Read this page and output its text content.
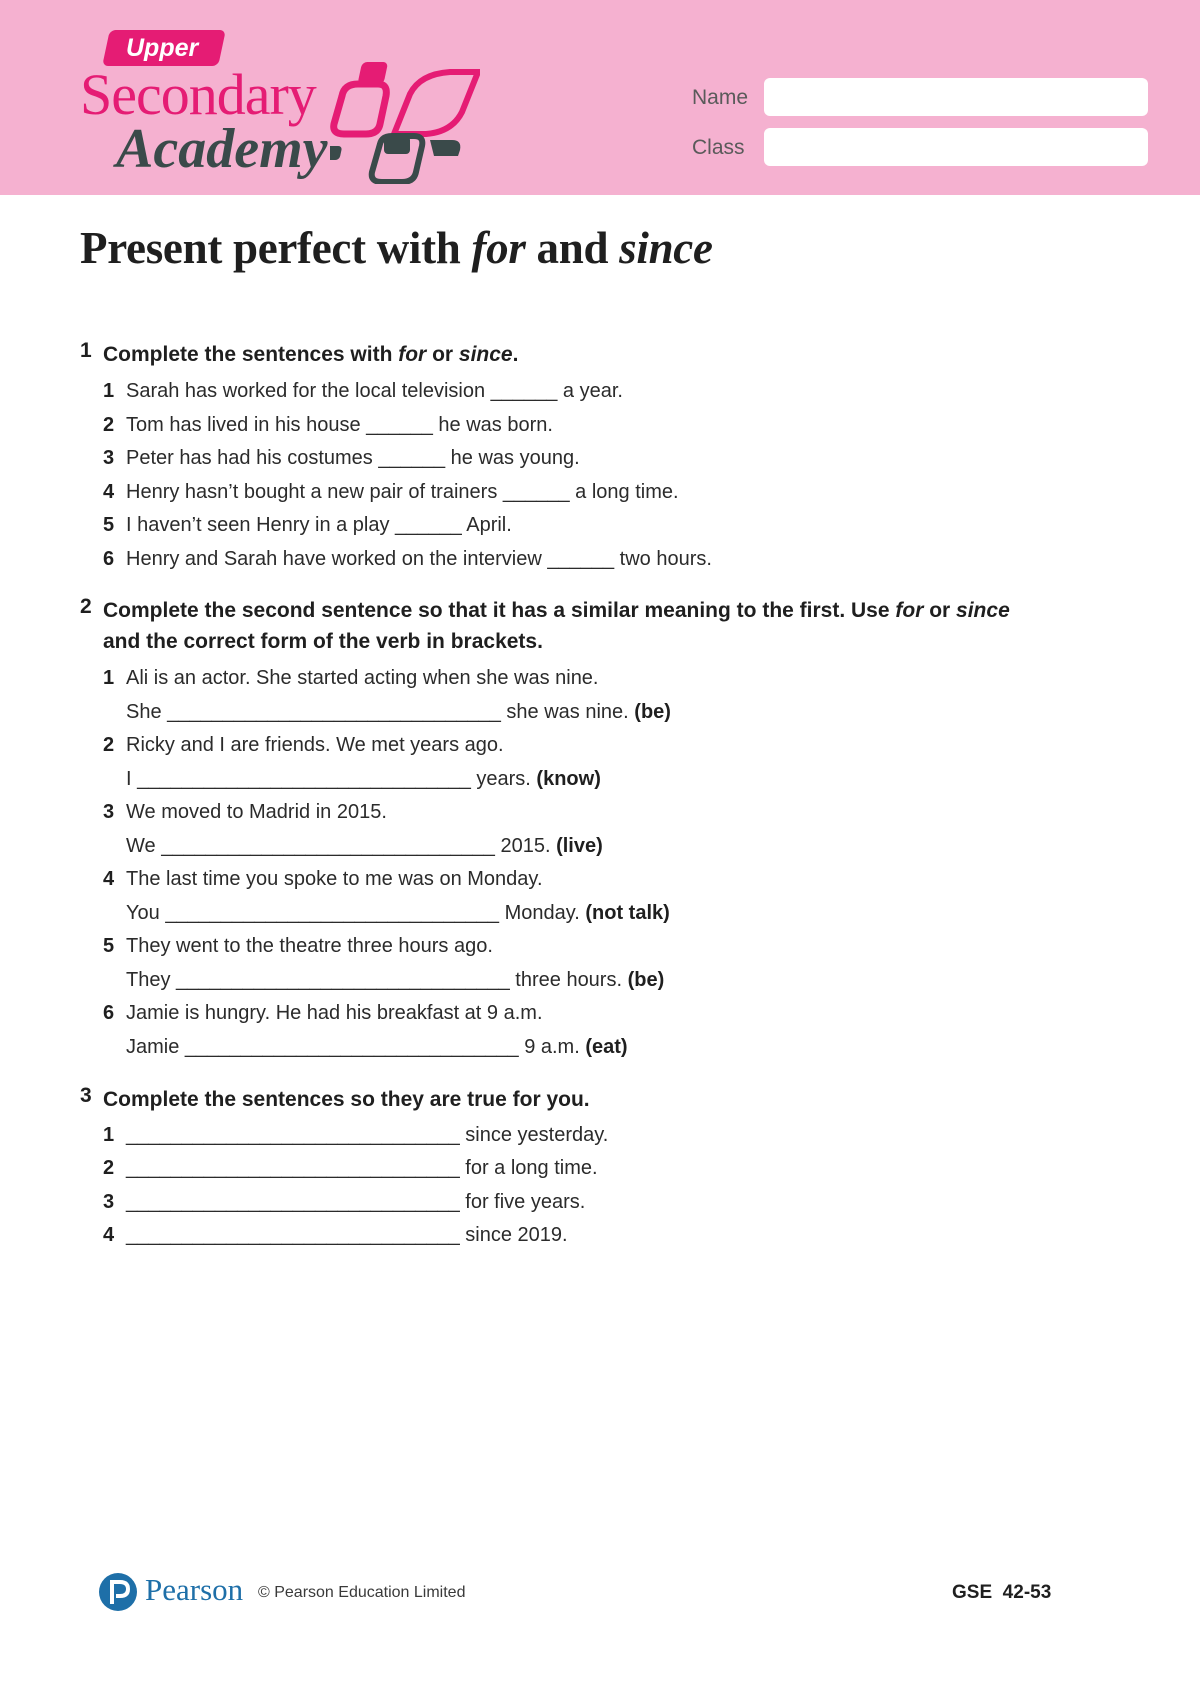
Upper
Secondary
Academy
Name
Class
Present perfect with for and since
1 Complete the sentences with for or since.
1 Sarah has worked for the local television ______ a year.
2 Tom has lived in his house ______ he was born.
3 Peter has had his costumes ______ he was young.
4 Henry hasn’t bought a new pair of trainers ______ a long time.
5 I haven’t seen Henry in a play ______ April.
6 Henry and Sarah have worked on the interview ______ two hours.
2 Complete the second sentence so that it has a similar meaning to the first. Use for or since
and the correct form of the verb in brackets.
1 Ali is an actor. She started acting when she was nine.
She ______________________________ she was nine. (be)
2 Ricky and I are friends. We met years ago.
I ______________________________ years. (know)
3 We moved to Madrid in 2015.
We ______________________________ 2015. (live)
4 The last time you spoke to me was on Monday.
You ______________________________ Monday. (not talk)
5 They went to the theatre three hours ago.
They ______________________________ three hours. (be)
6 Jamie is hungry. He had his breakfast at 9 a.m.
Jamie ______________________________ 9 a.m. (eat)
3 Complete the sentences so they are true for you.
1 ______________________________ since yesterday.
2 ______________________________ for a long time.
3 ______________________________ for five years.
4 ______________________________ since 2019.
Pearson © Pearson Education Limited	GSE  42-53
